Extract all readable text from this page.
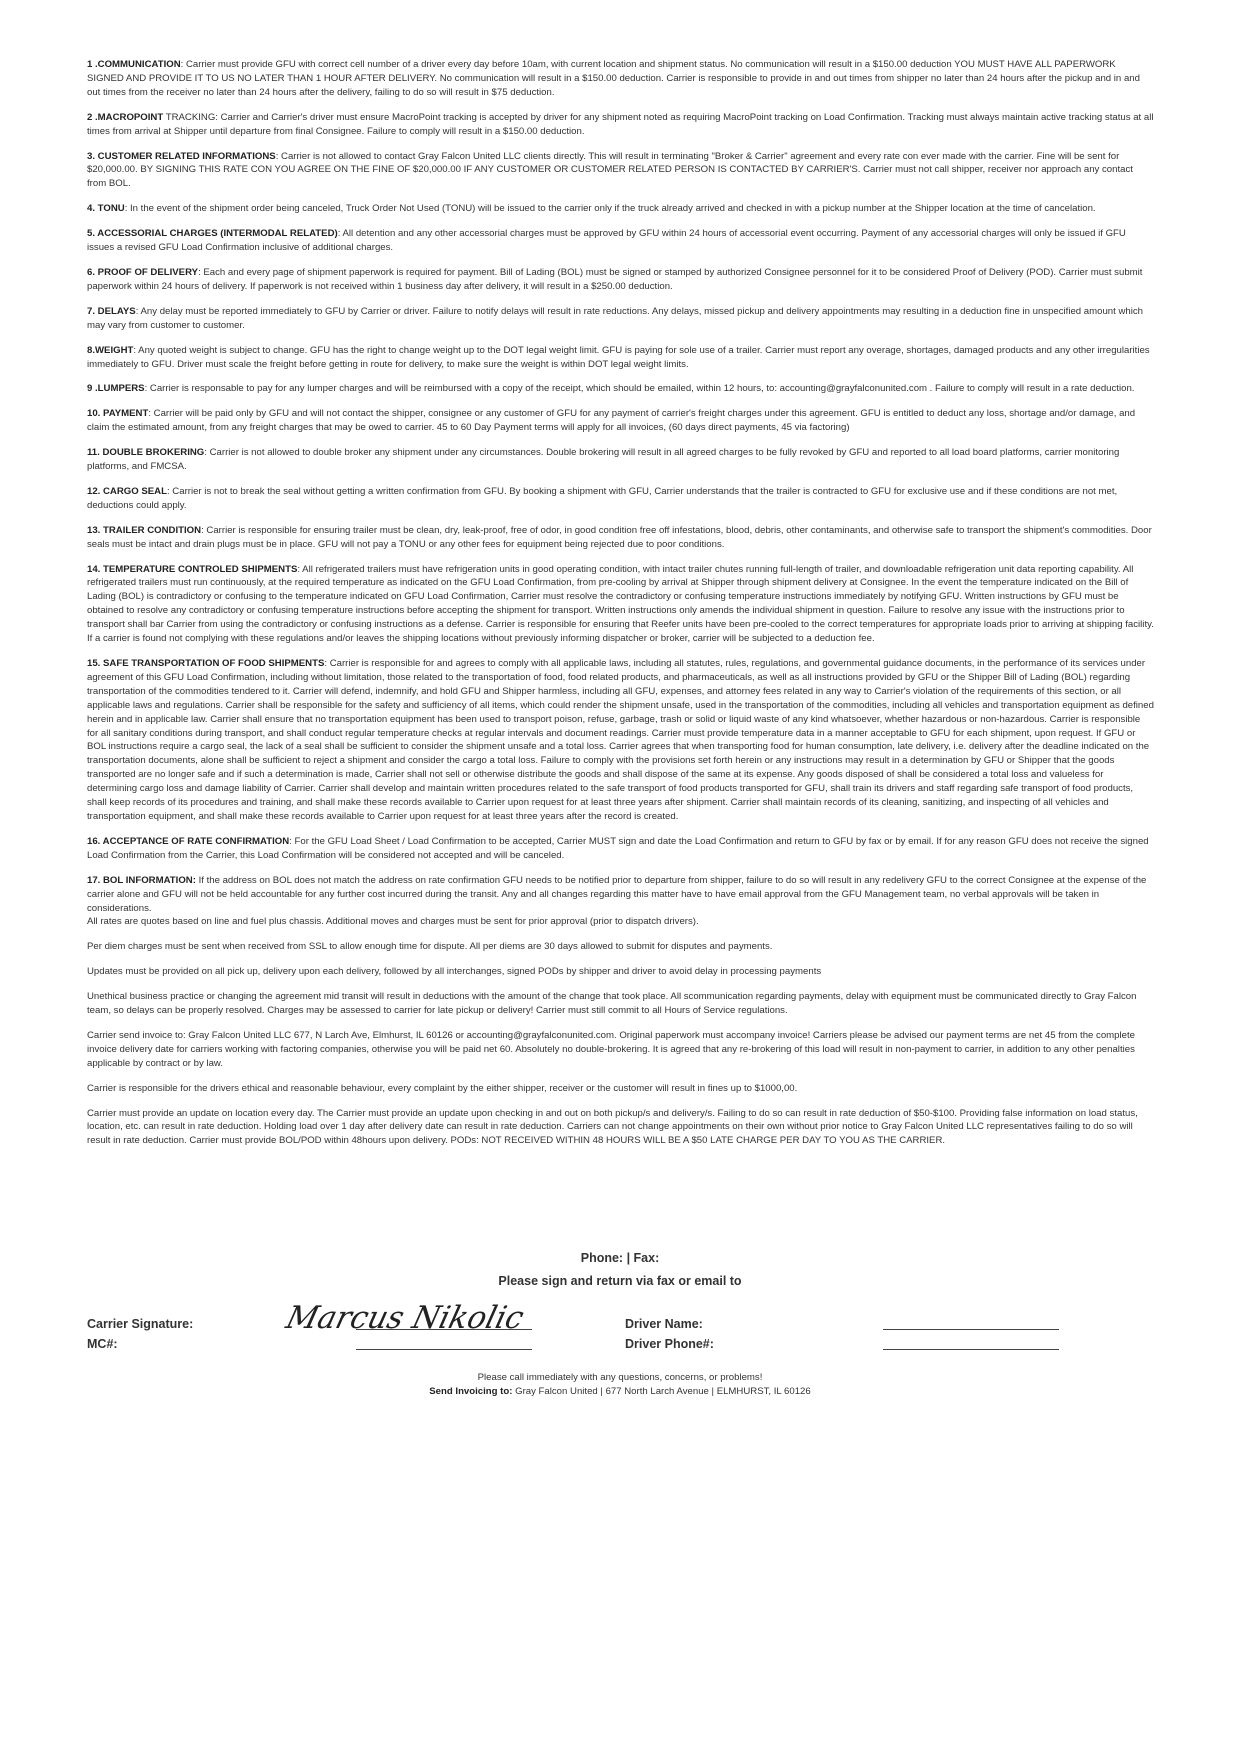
1 .COMMUNICATION: Carrier must provide GFU with correct cell number of a driver every day before 10am, with current location and shipment status. No communication will result in a $150.00 deduction YOU MUST HAVE ALL PAPERWORK SIGNED AND PROVIDE IT TO US NO LATER THAN 1 HOUR AFTER DELIVERY. No communication will result in a $150.00 deduction. Carrier is responsible to provide in and out times from shipper no later than 24 hours after the pickup and in and out times from the receiver no later than 24 hours after the delivery, failing to do so will result in $75 deduction.

2 .MACROPOINT TRACKING: Carrier and Carrier's driver must ensure MacroPoint tracking is accepted by driver for any shipment noted as requiring MacroPoint tracking on Load Confirmation. Tracking must always maintain active tracking status at all times from arrival at Shipper until departure from final Consignee. Failure to comply will result in a $150.00 deduction.

3. CUSTOMER RELATED INFORMATIONS: Carrier is not allowed to contact Gray Falcon United LLC clients directly. This will result in terminating "Broker & Carrier" agreement and every rate con ever made with the carrier. Fine will be sent for $20,000.00. BY SIGNING THIS RATE CON YOU AGREE ON THE FINE OF $20,000.00 IF ANY CUSTOMER OR CUSTOMER RELATED PERSON IS CONTACTED BY CARRIER'S. Carrier must not call shipper, receiver nor approach any contact from BOL.

4. TONU: In the event of the shipment order being canceled, Truck Order Not Used (TONU) will be issued to the carrier only if the truck already arrived and checked in with a pickup number at the Shipper location at the time of cancelation.

5. ACCESSORIAL CHARGES (INTERMODAL RELATED): All detention and any other accessorial charges must be approved by GFU within 24 hours of accessorial event occurring. Payment of any accessorial charges will only be issued if GFU issues a revised GFU Load Confirmation inclusive of additional charges.

6. PROOF OF DELIVERY: Each and every page of shipment paperwork is required for payment. Bill of Lading (BOL) must be signed or stamped by authorized Consignee personnel for it to be considered Proof of Delivery (POD). Carrier must submit paperwork within 24 hours of delivery. If paperwork is not received within 1 business day after delivery, it will result in a $250.00 deduction.

7. DELAYS: Any delay must be reported immediately to GFU by Carrier or driver. Failure to notify delays will result in rate reductions. Any delays, missed pickup and delivery appointments may resulting in a deduction fine in unspecified amount which may vary from customer to customer.

8.WEIGHT: Any quoted weight is subject to change. GFU has the right to change weight up to the DOT legal weight limit. GFU is paying for sole use of a trailer. Carrier must report any overage, shortages, damaged products and any other irregularities immediately to GFU. Driver must scale the freight before getting in route for delivery, to make sure the weight is within DOT legal weight limits.

9 .LUMPERS: Carrier is responsable to pay for any lumper charges and will be reimbursed with a copy of the receipt, which should be emailed, within 12 hours, to: accounting@grayfalconunited.com . Failure to comply will result in a rate deduction.

10. PAYMENT: Carrier will be paid only by GFU and will not contact the shipper, consignee or any customer of GFU for any payment of carrier's freight charges under this agreement. GFU is entitled to deduct any loss, shortage and/or damage, and claim the estimated amount, from any freight charges that may be owed to carrier. 45 to 60 Day Payment terms will apply for all invoices, (60 days direct payments, 45 via factoring)

11. DOUBLE BROKERING: Carrier is not allowed to double broker any shipment under any circumstances. Double brokering will result in all agreed charges to be fully revoked by GFU and reported to all load board platforms, carrier monitoring platforms, and FMCSA.

12. CARGO SEAL: Carrier is not to break the seal without getting a written confirmation from GFU. By booking a shipment with GFU, Carrier understands that the trailer is contracted to GFU for exclusive use and if these conditions are not met, deductions could apply.

13. TRAILER CONDITION: Carrier is responsible for ensuring trailer must be clean, dry, leak-proof, free of odor, in good condition free off infestations, blood, debris, other contaminants, and otherwise safe to transport the shipment's commodities. Door seals must be intact and drain plugs must be in place. GFU will not pay a TONU or any other fees for equipment being rejected due to poor conditions.

14. TEMPERATURE CONTROLED SHIPMENTS: All refrigerated trailers must have refrigeration units in good operating condition, with intact trailer chutes running full-length of trailer, and downloadable refrigeration unit data reporting capability. All refrigerated trailers must run continuously, at the required temperature as indicated on the GFU Load Confirmation, from pre-cooling by arrival at Shipper through shipment delivery at Consignee. In the event the temperature indicated on the Bill of Lading (BOL) is contradictory or confusing to the temperature indicated on GFU Load Confirmation, Carrier must resolve the contradictory or confusing temperature instructions immediately by notifying GFU. Written instructions by GFU must be obtained to resolve any contradictory or confusing temperature instructions before accepting the shipment for transport. Written instructions only amends the individual shipment in question. Failure to resolve any issue with the instructions prior to transport shall bar Carrier from using the contradictory or confusing instructions as a defense. Carrier is responsible for ensuring that Reefer units have been pre-cooled to the correct temperatures for appropriate loads prior to arriving at shipping facility. If a carrier is found not complying with these regulations and/or leaves the shipping locations without previously informing dispatcher or broker, carrier will be subjected to a deduction fee.

15. SAFE TRANSPORTATION OF FOOD SHIPMENTS: Carrier is responsible for and agrees to comply with all applicable laws, including all statutes, rules, regulations, and governmental guidance documents, in the performance of its services under agreement of this GFU Load Confirmation, including without limitation, those related to the transportation of food, food related products, and pharmaceuticals, as well as all instructions provided by GFU or the Shipper Bill of Lading (BOL) regarding transportation of the commodities tendered to it. Carrier will defend, indemnify, and hold GFU and Shipper harmless, including all GFU, expenses, and attorney fees related in any way to Carrier's violation of the requirements of this section, or all applicable laws and regulations. Carrier shall be responsible for the safety and sufficiency of all items, which could render the shipment unsafe, used in the transportation of the commodities, including all vehicles and transportation equipment as defined herein and in applicable law. Carrier shall ensure that no transportation equipment has been used to transport poison, refuse, garbage, trash or solid or liquid waste of any kind whatsoever, whether hazardous or non-hazardous. Carrier is responsible for all sanitary conditions during transport, and shall conduct regular temperature checks at regular intervals and document readings. Carrier must provide temperature data in a manner acceptable to GFU for each shipment, upon request. If GFU or BOL instructions require a cargo seal, the lack of a seal shall be sufficient to consider the shipment unsafe and a total loss. Carrier agrees that when transporting food for human consumption, late delivery, i.e. delivery after the deadline indicated on the transportation documents, alone shall be sufficient to reject a shipment and consider the cargo a total loss. Failure to comply with the provisions set forth herein or any instructions may result in a determination by GFU or Shipper that the goods transported are no longer safe and if such a determination is made, Carrier shall not sell or otherwise distribute the goods and shall dispose of the same at its expense. Any goods disposed of shall be considered a total loss and valueless for determining cargo loss and damage liability of Carrier. Carrier shall develop and maintain written procedures related to the safe transport of food products transported for GFU, shall train its drivers and staff regarding safe transport of food products, shall keep records of its procedures and training, and shall make these records available to Carrier upon request for at least three years after shipment. Carrier shall maintain records of its cleaning, sanitizing, and inspecting of all vehicles and transportation equipment, and shall make these records available to Carrier upon request for at least three years after the record is created.

16. ACCEPTANCE OF RATE CONFIRMATION: For the GFU Load Sheet / Load Confirmation to be accepted, Carrier MUST sign and date the Load Confirmation and return to GFU by fax or by email. If for any reason GFU does not receive the signed Load Confirmation from the Carrier, this Load Confirmation will be considered not accepted and will be canceled.

17. BOL INFORMATION: If the address on BOL does not match the address on rate confirmation GFU needs to be notified prior to departure from shipper, failure to do so will result in any redelivery GFU to the correct Consignee at the expense of the carrier alone and GFU will not be held accountable for any further cost incurred during the transit. Any and all changes regarding this matter have to have email approval from the GFU Management team, no verbal approvals will be taken in considerations.

All rates are quotes based on line and fuel plus chassis. Additional moves and charges must be sent for prior approval (prior to dispatch drivers).

Per diem charges must be sent when received from SSL to allow enough time for dispute. All per diems are 30 days allowed to submit for disputes and payments.

Updates must be provided on all pick up, delivery upon each delivery, followed by all interchanges, signed PODs by shipper and driver to avoid delay in processing payments

Unethical business practice or changing the agreement mid transit will result in deductions with the amount of the change that took place. All scommunication regarding payments, delay with equipment must be communicated directly to Gray Falcon team, so delays can be properly resolved. Charges may be assessed to carrier for late pickup or delivery! Carrier must still commit to all Hours of Service regulations.

Carrier send invoice to: Gray Falcon United LLC 677, N Larch Ave, Elmhurst, IL 60126 or accounting@grayfalconunited.com. Original paperwork must accompany invoice! Carriers please be advised our payment terms are net 45 from the complete invoice delivery date for carriers working with factoring companies, otherwise you will be paid net 60. Absolutely no double-brokering. It is agreed that any re-brokering of this load will result in non-payment to carrier, in addition to any other penalties applicable by contract or by law.

Carrier is responsible for the drivers ethical and reasonable behaviour, every complaint by the either shipper, receiver or the customer will result in fines up to $1000,00.

Carrier must provide an update on location every day. The Carrier must provide an update upon checking in and out on both pickup/s and delivery/s. Failing to do so can result in rate deduction of $50-$100. Providing false information on load status, location, etc. can result in rate deduction. Holding load over 1 day after delivery date can result in rate deduction. Carriers can not change appointments on their own without prior notice to Gray Falcon United LLC representatives failing to do so will result in rate deduction. Carrier must provide BOL/POD within 48hours upon delivery. PODs: NOT RECEIVED WITHIN 48 HOURS WILL BE A $50 LATE CHARGE PER DAY TO YOU AS THE CARRIER.

Phone: | Fax:
Please sign and return via fax or email to
Carrier Signature:
MC#:
Marcus Nikolic	Driver Name:
Driver Phone#:
Please call immediately with any questions, concerns, or problems!
Send Invoicing to: Gray Falcon United | 677 North Larch Avenue | ELMHURST, IL 60126
